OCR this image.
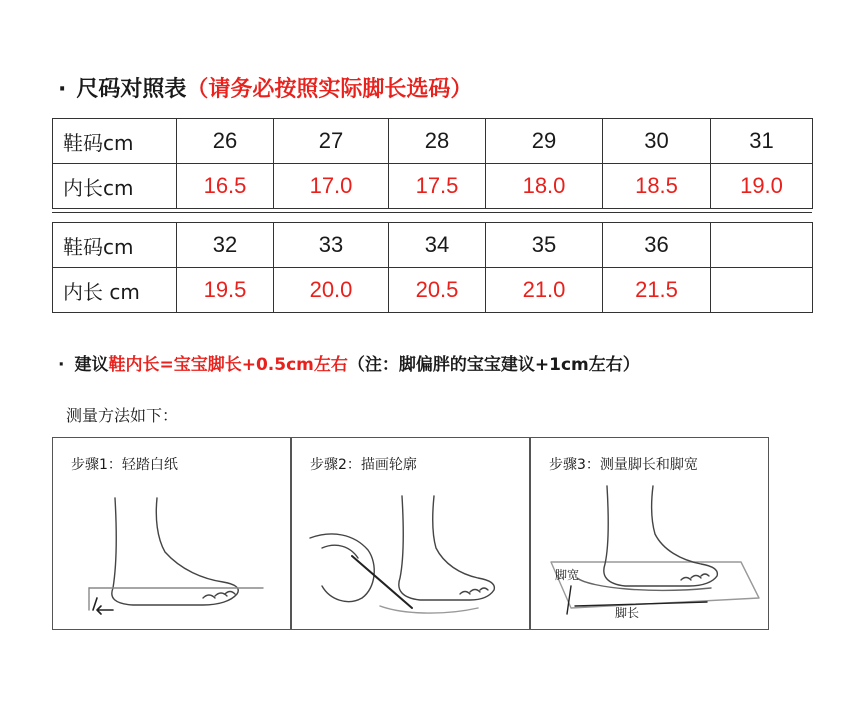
· 尺码对照表（请务必按照实际脚长选码）
鞋码cm	26	27	28	29	30	31
内长cm	16.5	17.0	17.5	18.0	18.5	19.0
鞋码cm	32	33	34	35	36	
内长 cm	19.5	20.0	20.5	21.0	21.5	
· 建议鞋内长=宝宝脚长+0.5cm左右（注：脚偏胖的宝宝建议+1cm左右）
测量方法如下：
步骤1：轻踏白纸	步骤2：描画轮廓
脚宽
脚长
步骤3：测量脚长和脚宽
